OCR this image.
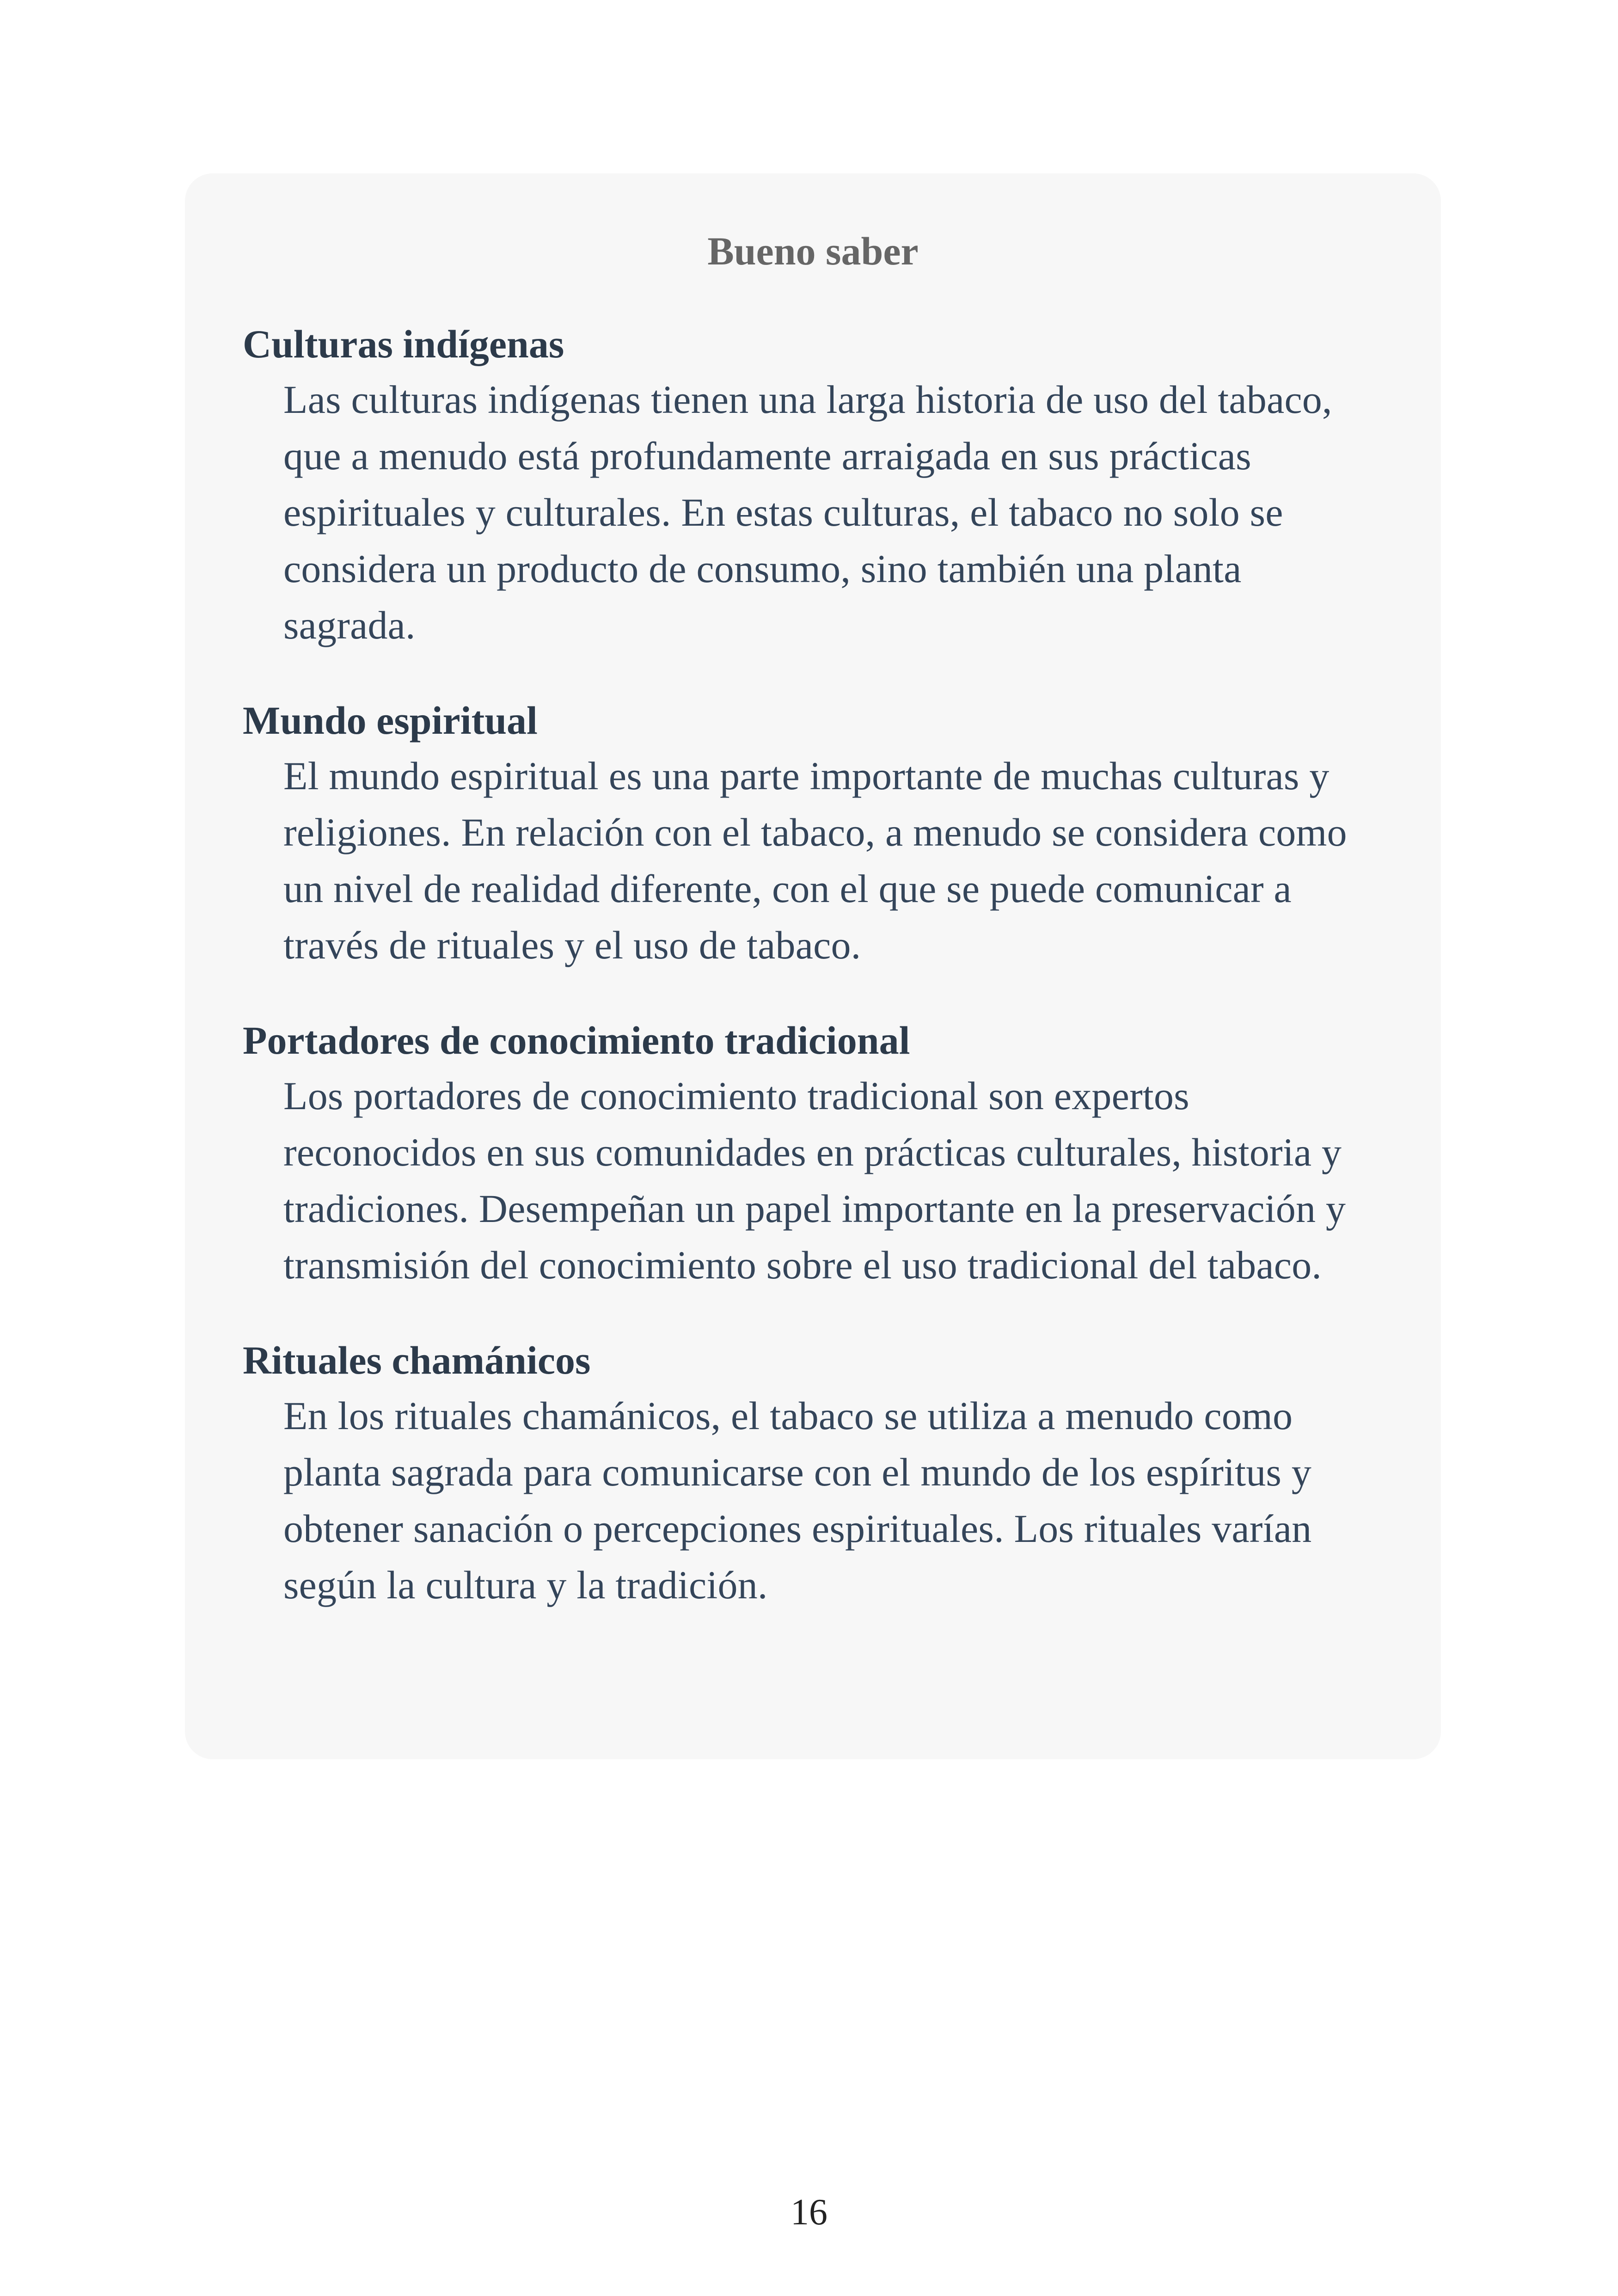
Bueno saber

Culturas indígenas

Las culturas indígenas tienen una larga historia de uso del tabaco, que a menudo está profundamente arraigada en sus prácticas espirituales y culturales. En estas culturas, el tabaco no solo se considera un producto de consumo, sino también una planta sagrada.

Mundo espiritual

El mundo espiritual es una parte importante de muchas culturas y religiones. En relación con el tabaco, a menudo se considera como un nivel de realidad diferente, con el que se puede comunicar a través de rituales y el uso de tabaco.

Portadores de conocimiento tradicional

Los portadores de conocimiento tradicional son expertos reconocidos en sus comunidades en prácticas culturales, historia y tradiciones. Desempeñan un papel importante en la preservación y transmisión del conocimiento sobre el uso tradicional del tabaco.

Rituales chamánicos

En los rituales chamánicos, el tabaco se utiliza a menudo como planta sagrada para comunicarse con el mundo de los espíritus y obtener sanación o percepciones espirituales. Los rituales varían según la cultura y la tradición.

16
